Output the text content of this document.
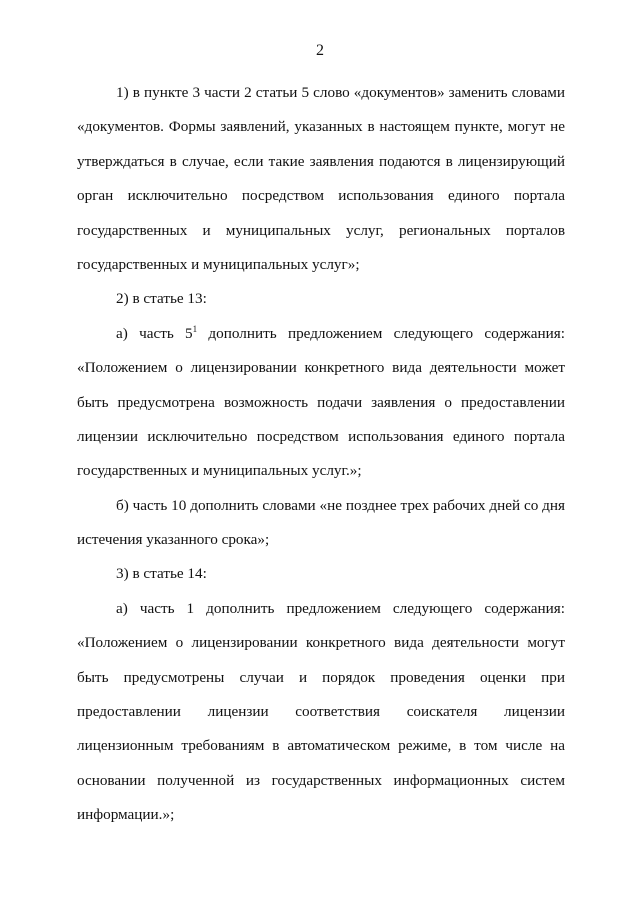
2
1) в пункте 3 части 2 статьи 5 слово «документов» заменить словами
«документов. Формы заявлений, указанных в настоящем пункте, могут не
утверждаться в случае, если такие заявления подаются в лицензирующий
орган исключительно посредством использования единого портала
государственных и муниципальных услуг, региональных порталов
государственных и муниципальных услуг»;
2) в статье 13:
а) часть $5^1$ дополнить предложением следующего содержания:
«Положением о лицензировании конкретного вида деятельности может
быть предусмотрена возможность подачи заявления о предоставлении
лицензии исключительно посредством использования единого портала
государственных и муниципальных услуг.»;
б) часть 10 дополнить словами «не позднее трех рабочих дней со дня
истечения указанного срока»;
3) в статье 14:
а) часть 1 дополнить предложением следующего содержания:
«Положением о лицензировании конкретного вида деятельности могут
быть предусмотрены случаи и порядок проведения оценки при
предоставлении лицензии соответствия соискателя лицензии
лицензионным требованиям в автоматическом режиме, в том числе на
основании полученной из государственных информационных систем
информации.»;
